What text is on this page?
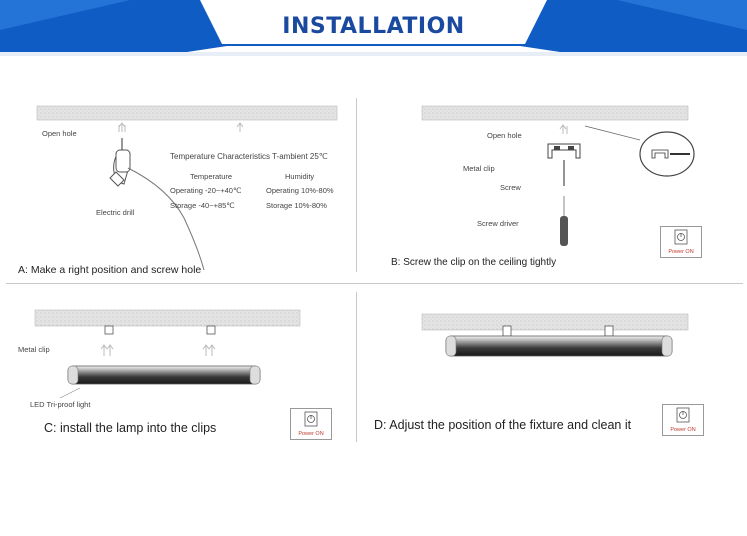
INSTALLATION
Open hole
Electric drill
Temperature Characteristics T-ambient 25℃
Temperature	Humidity
Operating -20~+40℃	Operating 10%-80%
Storage -40~+85℃	Storage 10%-80%
A: Make a right position and screw hole
Open hole
Metal clip
Screw
Screw driver
Power ON
B: Screw the clip on the ceiling tightly
Metal clip
LED Tri-proof light
Power ON
C: install the lamp into the clips	Power ON
D: Adjust the position of the fixture and clean it
